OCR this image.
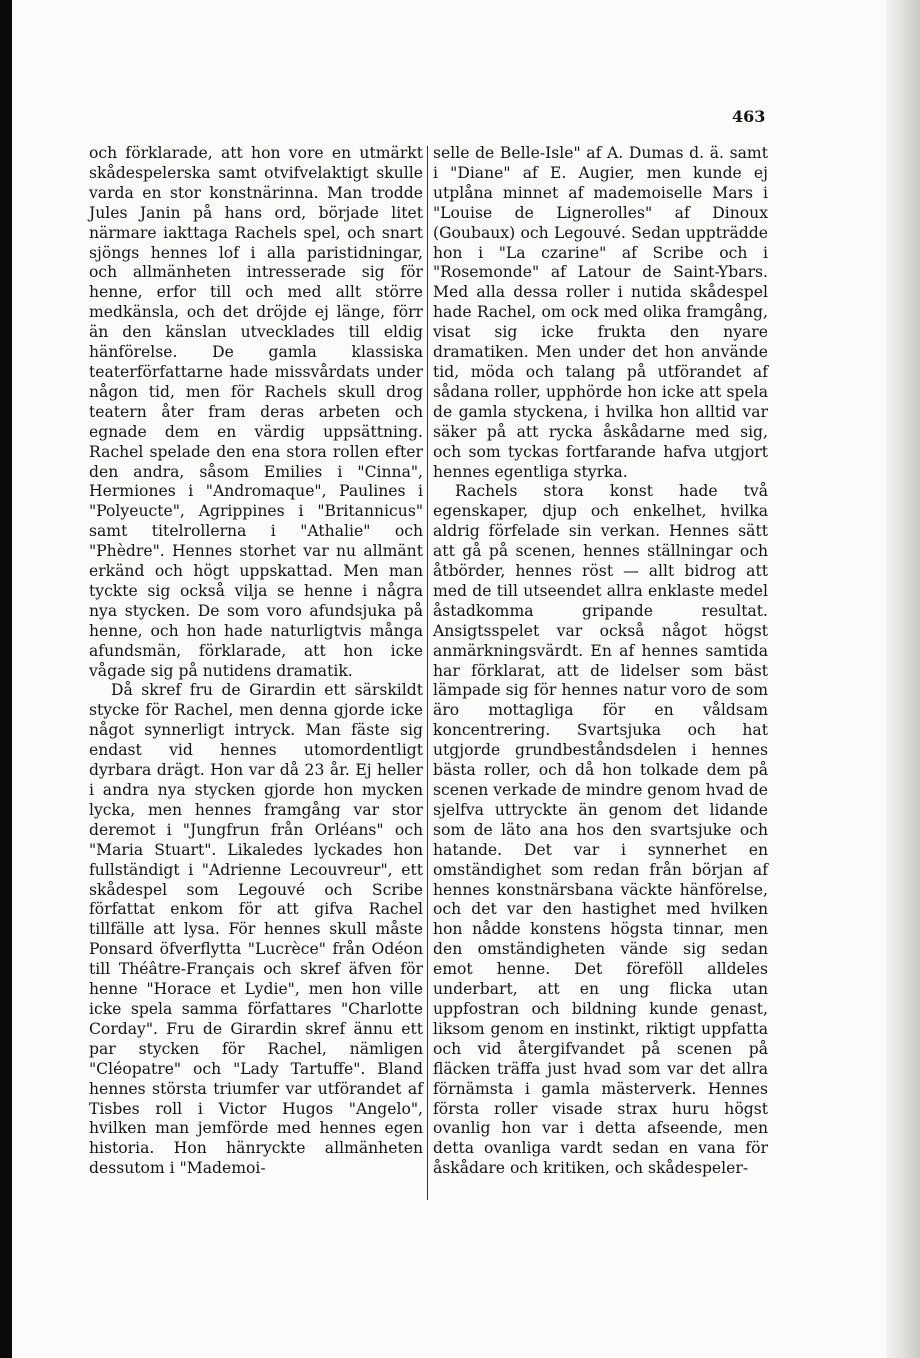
463

och förklarade, att hon vore en utmärkt skådespelerska samt otvifvelaktigt skulle varda en stor konstnärinna. Man trodde Jules Janin på hans ord, började litet närmare iakttaga Rachels spel, och snart sjöngs hennes lof i alla paristidningar, och allmänheten intresserade sig för henne, erfor till och med allt större medkänsla, och det dröjde ej länge, förr än den känslan utvecklades till eldig hänförelse. De gamla klassiska teaterförfattarne hade missvårdats under någon tid, men för Rachels skull drog teatern åter fram deras arbeten och egnade dem en värdig uppsättning. Rachel spelade den ena stora rollen efter den andra, såsom Emilies i "Cinna", Hermiones i "Andromaque", Paulines i "Polyeucte", Agrippines i "Britannicus" samt titelrollerna i "Athalie" och "Phèdre". Hennes storhet var nu allmänt erkänd och högt uppskattad. Men man tyckte sig också vilja se henne i några nya stycken. De som voro afundsjuka på henne, och hon hade naturligtvis många afundsmän, förklarade, att hon icke vågade sig på nutidens dramatik.

Då skref fru de Girardin ett särskildt stycke för Rachel, men denna gjorde icke något synnerligt intryck. Man fäste sig endast vid hennes utomordentligt dyrbara drägt. Hon var då 23 år. Ej heller i andra nya stycken gjorde hon mycken lycka, men hennes framgång var stor deremot i "Jungfrun från Orléans" och "Maria Stuart". Likaledes lyckades hon fullständigt i "Adrienne Lecouvreur", ett skådespel som Legouvé och Scribe författat enkom för att gifva Rachel tillfälle att lysa. För hennes skull måste Ponsard öfverflytta "Lucrèce" från Odéon till Théâtre-Français och skref äfven för henne "Horace et Lydie", men hon ville icke spela samma författares "Charlotte Corday". Fru de Girardin skref ännu ett par stycken för Rachel, nämligen "Cléopatre" och "Lady Tartuffe". Bland hennes största triumfer var utförandet af Tisbes roll i Victor Hugos "Angelo", hvilken man jemförde med hennes egen historia. Hon hänryckte allmänheten dessutom i "Mademoi-

selle de Belle-Isle" af A. Dumas d. ä. samt i "Diane" af E. Augier, men kunde ej utplåna minnet af mademoiselle Mars i "Louise de Lignerolles" af Dinoux (Goubaux) och Legouvé. Sedan uppträdde hon i "La czarine" af Scribe och i "Rosemonde" af Latour de Saint-Ybars. Med alla dessa roller i nutida skådespel hade Rachel, om ock med olika framgång, visat sig icke frukta den nyare dramatiken. Men under det hon använde tid, möda och talang på utförandet af sådana roller, upphörde hon icke att spela de gamla styckena, i hvilka hon alltid var säker på att rycka åskådarne med sig, och som tyckas fortfarande hafva utgjort hennes egentliga styrka.

Rachels stora konst hade två egenskaper, djup och enkelhet, hvilka aldrig förfelade sin verkan. Hennes sätt att gå på scenen, hennes ställningar och åtbörder, hennes röst — allt bidrog att med de till utseendet allra enklaste medel åstadkomma gripande resultat. Ansigtsspelet var också något högst anmärkningsvärdt. En af hennes samtida har förklarat, att de lidelser som bäst lämpade sig för hennes natur voro de som äro mottagliga för en våldsam koncentrering. Svartsjuka och hat utgjorde grundbeståndsdelen i hennes bästa roller, och då hon tolkade dem på scenen verkade de mindre genom hvad de sjelfva uttryckte än genom det lidande som de läto ana hos den svartsjuke och hatande. Det var i synnerhet en omständighet som redan från början af hennes konstnärsbana väckte hänförelse, och det var den hastighet med hvilken hon nådde konstens högsta tinnar, men den omständigheten vände sig sedan emot henne. Det föreföll alldeles underbart, att en ung flicka utan uppfostran och bildning kunde genast, liksom genom en instinkt, riktigt uppfatta och vid återgifvandet på scenen på fläcken träffa just hvad som var det allra förnämsta i gamla mästerverk. Hennes första roller visade strax huru högst ovanlig hon var i detta afseende, men detta ovanliga vardt sedan en vana för åskådare och kritiken, och skådespeler-
